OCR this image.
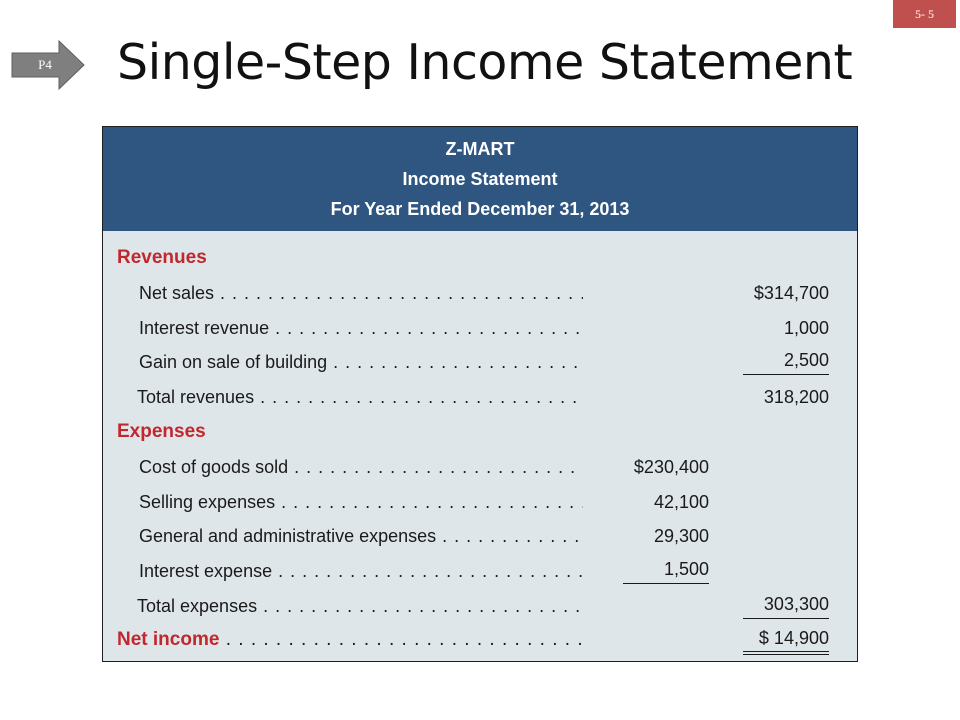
5- 5
P4 Single-Step Income Statement
Z-MART
Income Statement
For Year Ended December 31, 2013
Revenues
Net sales . . .	$314,700
Interest revenue . . .	1,000
Gain on sale of building . . .	2,500
Total revenues . . .	318,200
Expenses
Cost of goods sold . . .	$230,400
Selling expenses . . .	42,100
General and administrative expenses . . .	29,300
Interest expense . . .	1,500
Total expenses . . .	303,300
Net income . . .	$ 14,900
